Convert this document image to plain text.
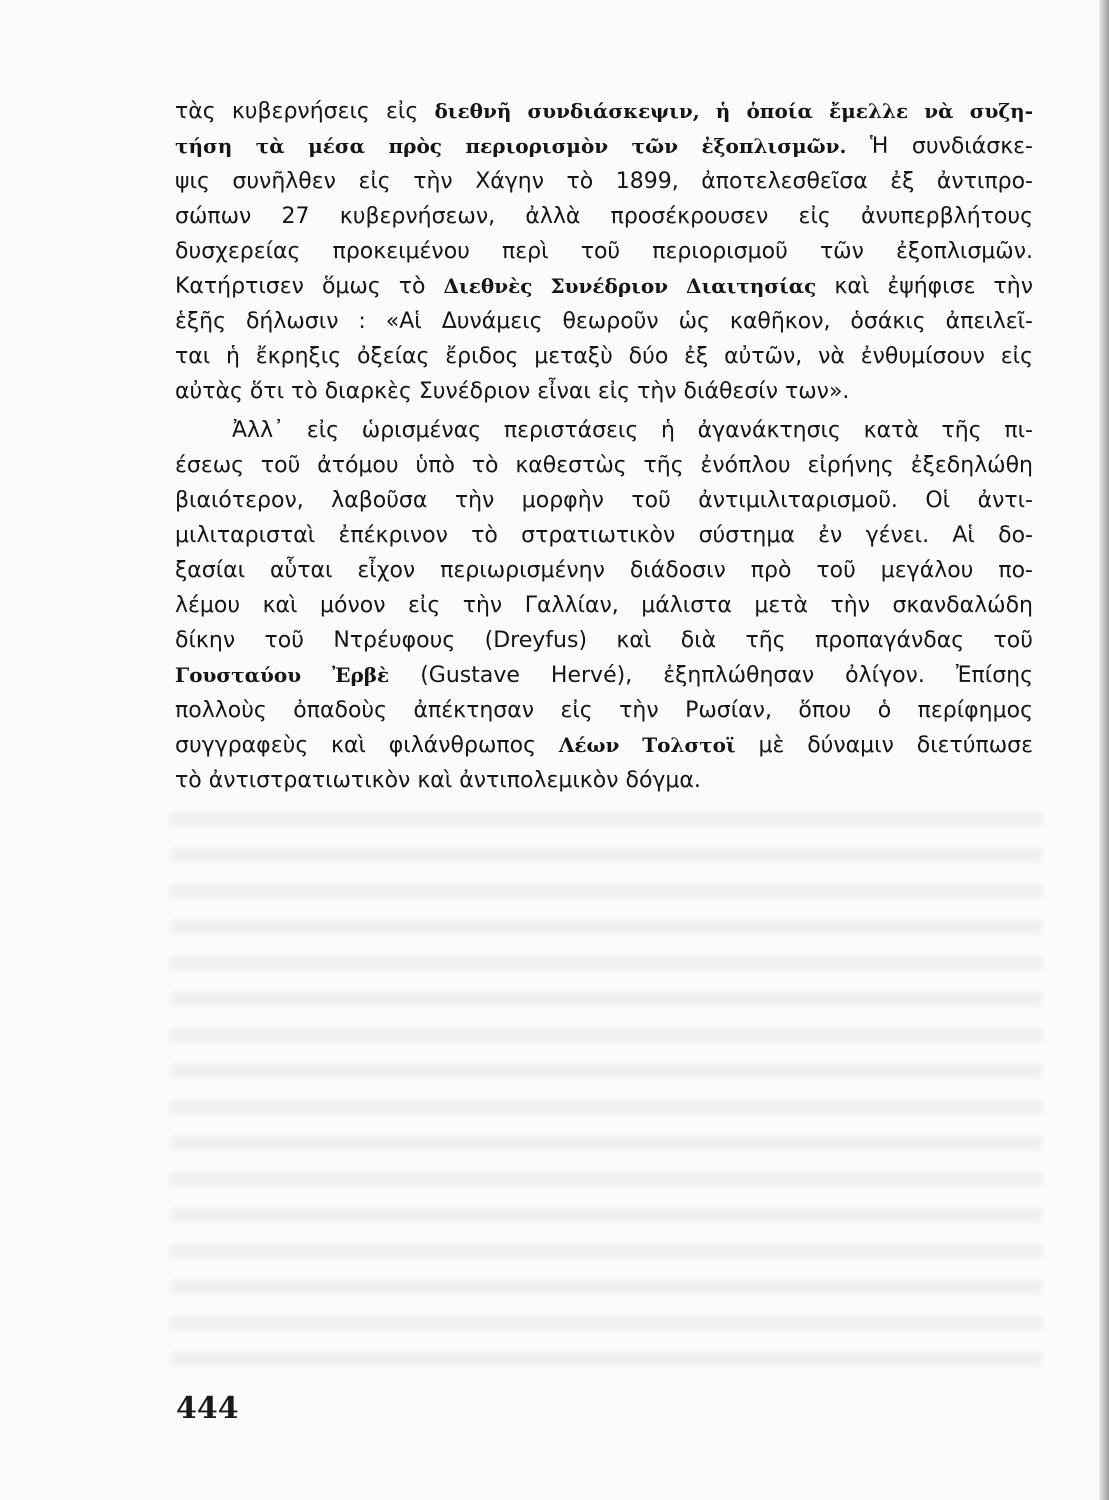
τὰς κυβερνήσεις εἰς διεθνῆ συνδιάσκεψιν, ἡ ὁποία ἔμελλε νὰ συζη-
τήση τὰ μέσα πρὸς περιορισμὸν τῶν ἐξοπλισμῶν. Ἡ συνδιάσκε-
ψις συνῆλθεν εἰς τὴν Χάγην τὸ 1899, ἀποτελεσθεῖσα ἐξ ἀντιπρο-
σώπων 27 κυβερνήσεων, ἀλλὰ προσέκρουσεν εἰς ἀνυπερβλήτους
δυσχερείας προκειμένου περὶ τοῦ περιορισμοῦ τῶν ἐξοπλισμῶν.
Κατήρτισεν ὅμως τὸ Διεθνὲς Συνέδριον Διαιτησίας καὶ ἐψήφισε τὴν
ἑξῆς δήλωσιν : «Αἱ Δυνάμεις θεωροῦν ὡς καθῆκον, ὁσάκις ἀπειλεῖ-
ται ἡ ἔκρηξις ὀξείας ἔριδος μεταξὺ δύο ἐξ αὐτῶν, νὰ ἐνθυμίσουν εἰς
αὐτὰς ὅτι τὸ διαρκὲς Συνέδριον εἶναι εἰς τὴν διάθεσίν των».
Ἀλλ᾽ εἰς ὡρισμένας περιστάσεις ἡ ἀγανάκτησις κατὰ τῆς πι-
έσεως τοῦ ἀτόμου ὑπὸ τὸ καθεστὼς τῆς ἐνόπλου εἰρήνης ἐξεδηλώθη
βιαιότερον, λαβοῦσα τὴν μορφὴν τοῦ ἀντιμιλιταρισμοῦ. Οἱ ἀντι-
μιλιταρισταὶ ἐπέκρινον τὸ στρατιωτικὸν σύστημα ἐν γένει. Αἱ δο-
ξασίαι αὗται εἶχον περιωρισμένην διάδοσιν πρὸ τοῦ μεγάλου πο-
λέμου καὶ μόνον εἰς τὴν Γαλλίαν, μάλιστα μετὰ τὴν σκανδαλώδη
δίκην τοῦ Ντρέυφους (Dreyfus) καὶ διὰ τῆς προπαγάνδας τοῦ
Γουσταύου Ἐρβὲ (Gustave Hervé), ἐξηπλώθησαν ὀλίγον. Ἐπίσης
πολλοὺς ὀπαδοὺς ἀπέκτησαν εἰς τὴν Ρωσίαν, ὅπου ὁ περίφημος
συγγραφεὺς καὶ φιλάνθρωπος Λέων Τολστοϊ μὲ δύναμιν διετύπωσε
τὸ ἀντιστρατιωτικὸν καὶ ἀντιπολεμικὸν δόγμα.
444
